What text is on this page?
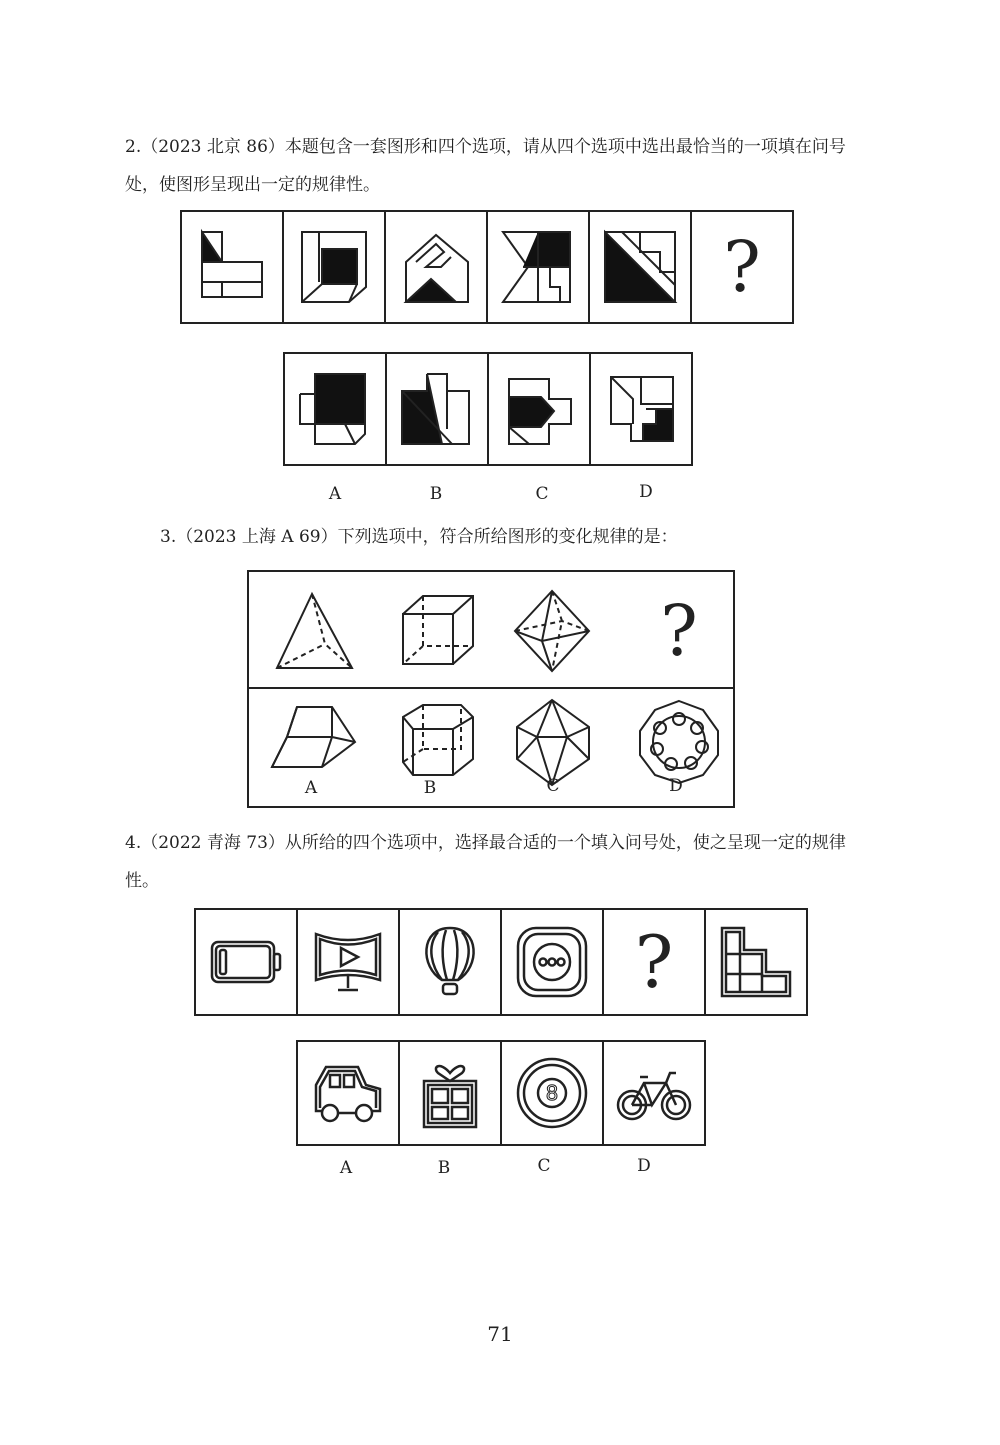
2.（2023 北京 86）本题包含一套图形和四个选项，请从四个选项中选出最恰当的一项填在问号处，使图形呈现出一定的规律性。

?
A	B	C	D

3.（2023 上海 A 69）下列选项中，符合所给图形的变化规律的是：

?
A	B	C	D

4.（2022 青海 73）从所给的四个选项中，选择最合适的一个填入问号处，使之呈现一定的规律性。

?
8
A	B	C	D
71
